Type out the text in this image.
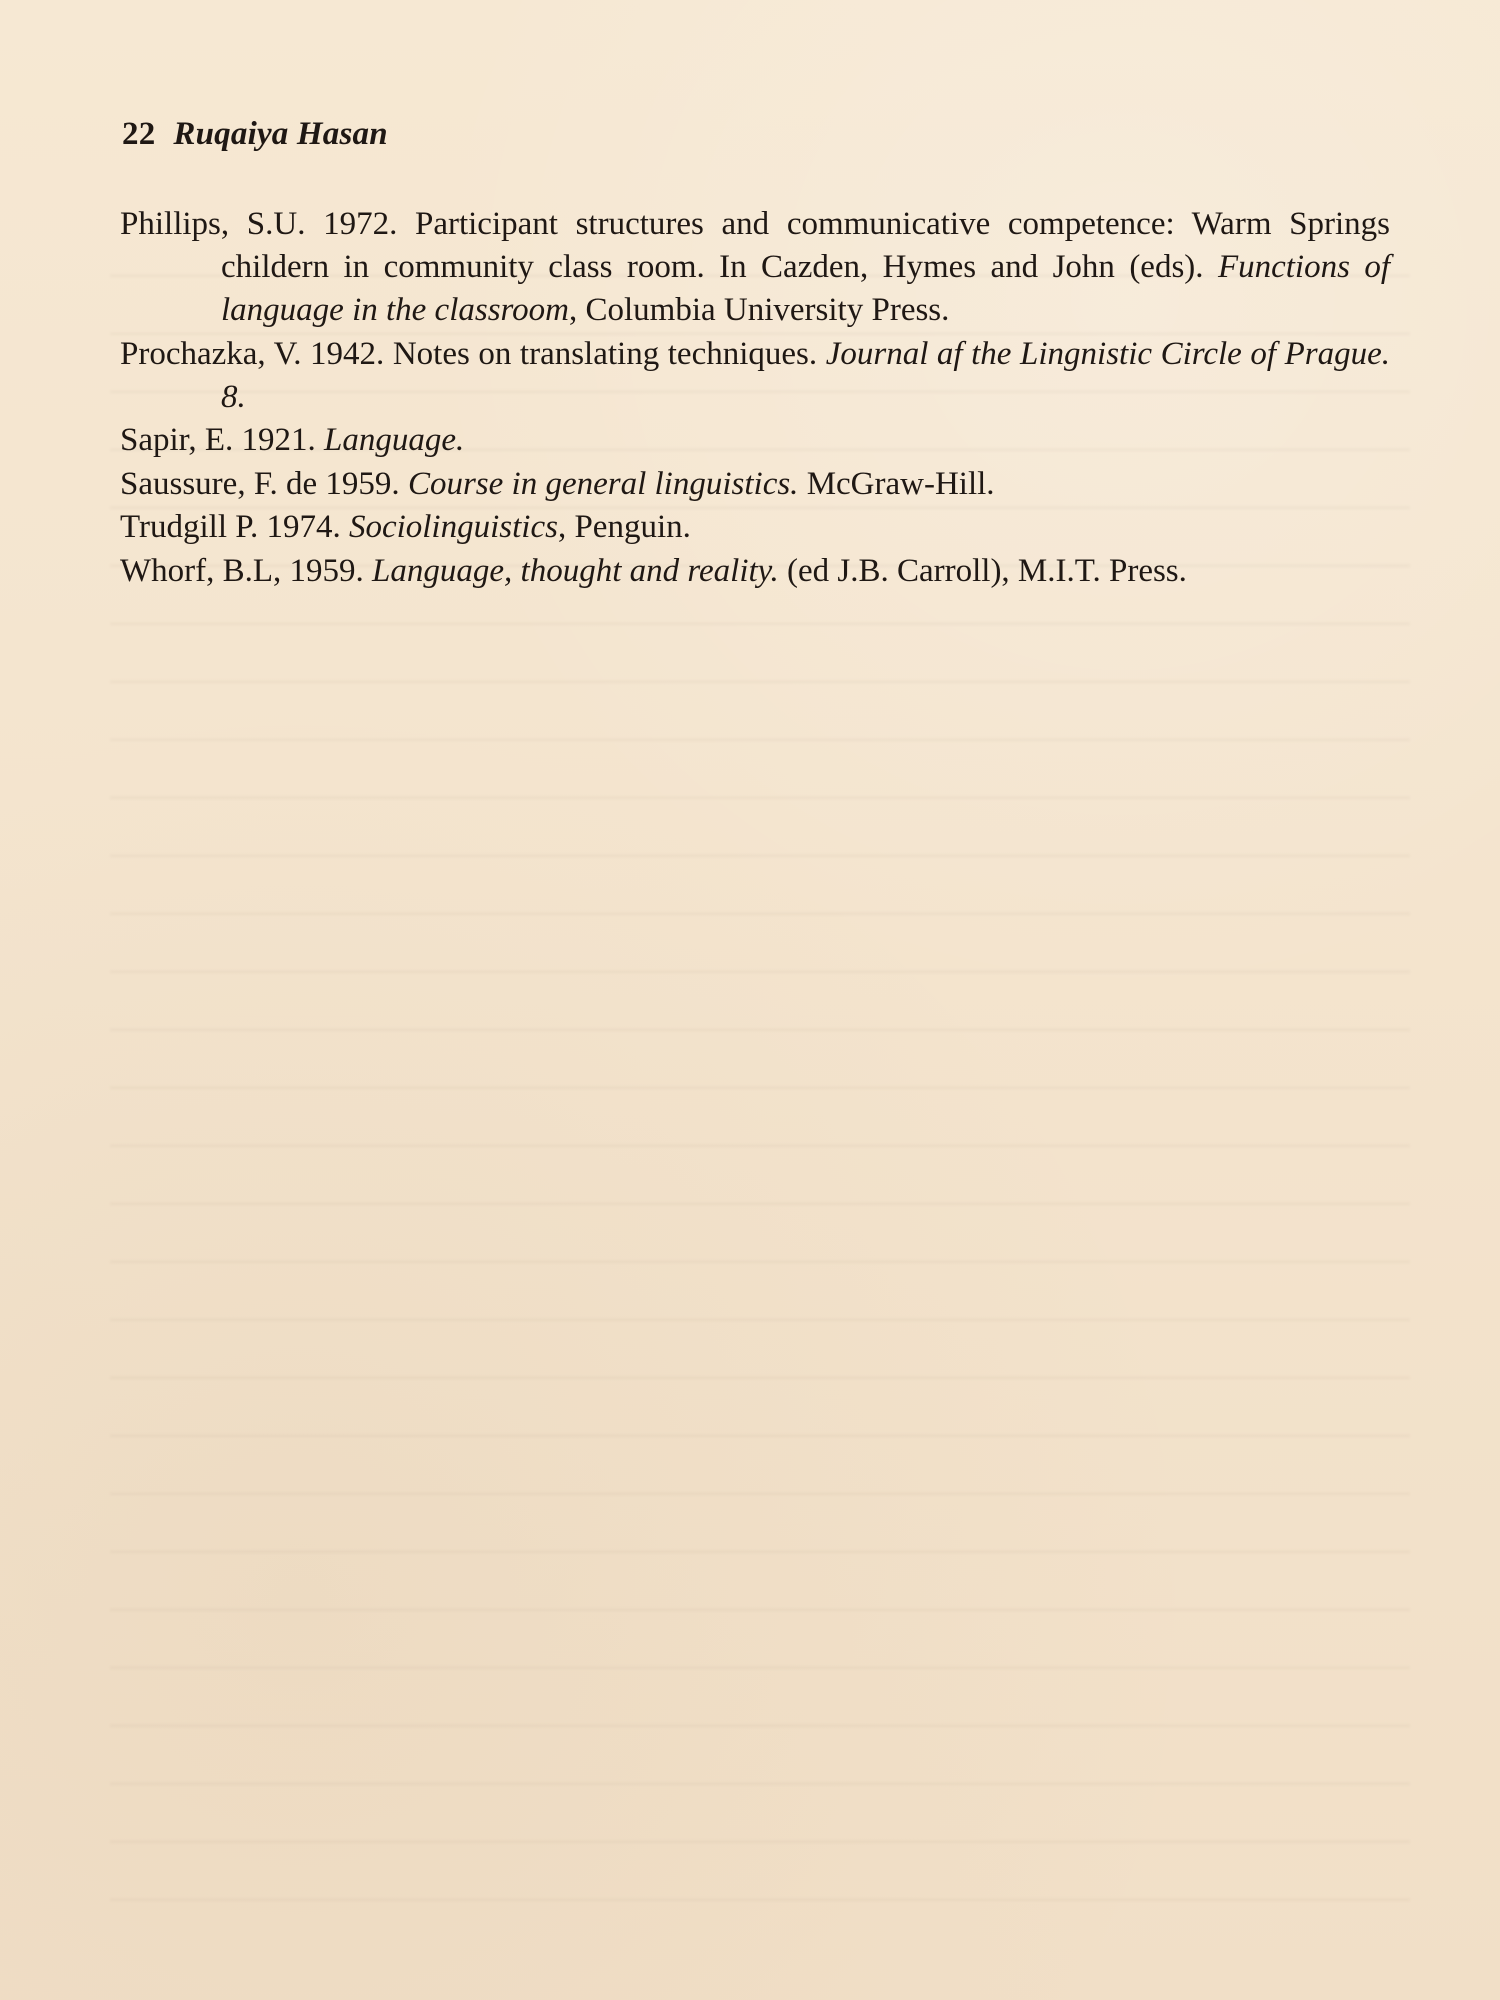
22 Ruqaiya Hasan
Phillips, S.U. 1972. Participant structures and communicative competence: Warm Springs childern in community class room. In Cazden, Hymes and John (eds). Functions of language in the classroom, Columbia University Press.
Prochazka, V. 1942. Notes on translating techniques. Journal af the Lingnistic Circle of Prague. 8.
Sapir, E. 1921. Language.
Saussure, F. de 1959. Course in general linguistics. McGraw-Hill.
Trudgill P. 1974. Sociolinguistics, Penguin.
Whorf, B.L, 1959. Language, thought and reality. (ed J.B. Carroll), M.I.T. Press.
